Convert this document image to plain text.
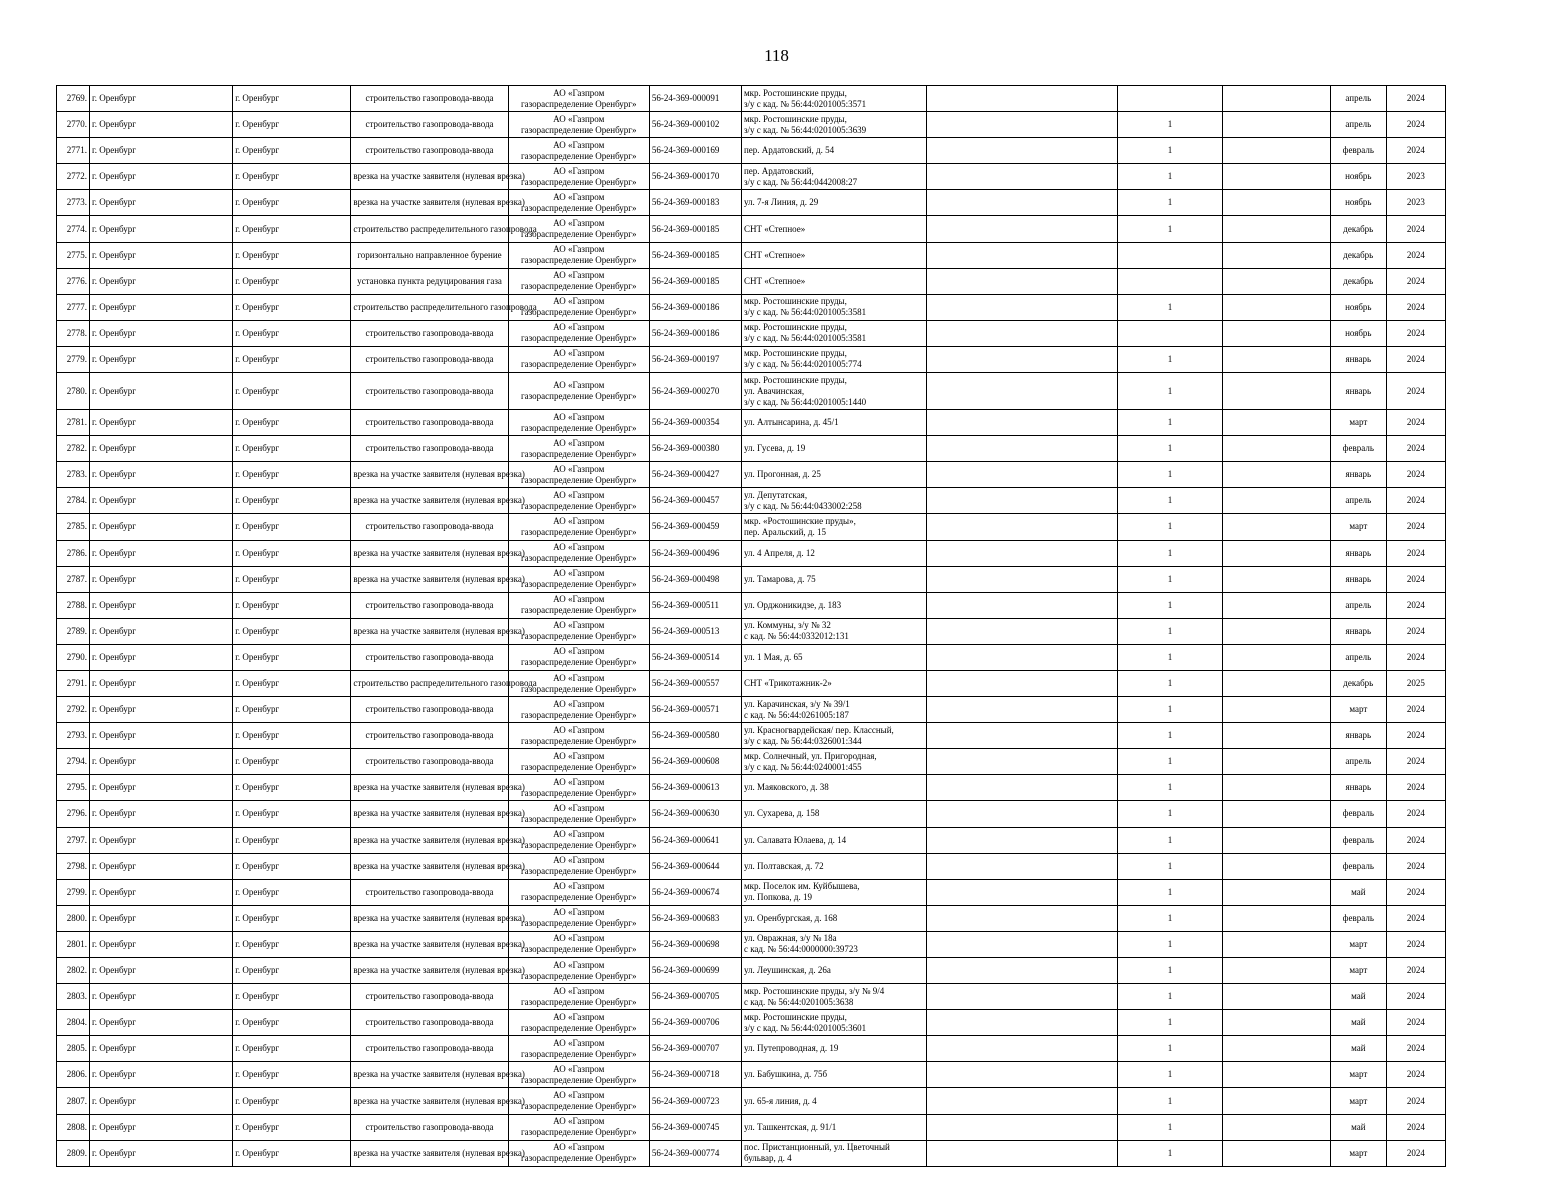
118
2769.	г. Оренбург	г. Оренбург	строительство газопровода-ввода	АО «Газпром
газораспределение Оренбург»	56-24-369-000091	мкр. Ростошинские пруды,
з/у с кад. № 56:44:0201005:3571				апрель	2024
2770.	г. Оренбург	г. Оренбург	строительство газопровода-ввода	АО «Газпром
газораспределение Оренбург»	56-24-369-000102	мкр. Ростошинские пруды,
з/у с кад. № 56:44:0201005:3639		1		апрель	2024
2771.	г. Оренбург	г. Оренбург	строительство газопровода-ввода	АО «Газпром
газораспределение Оренбург»	56-24-369-000169	пер. Ардатовский, д. 54		1		февраль	2024
2772.	г. Оренбург	г. Оренбург	врезка на участке заявителя (нулевая врезка)	АО «Газпром
газораспределение Оренбург»	56-24-369-000170	пер. Ардатовский,
з/у с кад. № 56:44:0442008:27		1		ноябрь	2023
2773.	г. Оренбург	г. Оренбург	врезка на участке заявителя (нулевая врезка)	АО «Газпром
газораспределение Оренбург»	56-24-369-000183	ул. 7-я Линия, д. 29		1		ноябрь	2023
2774.	г. Оренбург	г. Оренбург	строительство распределительного газопровода	АО «Газпром
газораспределение Оренбург»	56-24-369-000185	СНТ «Степное»		1		декабрь	2024
2775.	г. Оренбург	г. Оренбург	горизонтально направленное бурение	АО «Газпром
газораспределение Оренбург»	56-24-369-000185	СНТ «Степное»				декабрь	2024
2776.	г. Оренбург	г. Оренбург	установка пункта редуцирования газа	АО «Газпром
газораспределение Оренбург»	56-24-369-000185	СНТ «Степное»				декабрь	2024
2777.	г. Оренбург	г. Оренбург	строительство распределительного газопровода	АО «Газпром
газораспределение Оренбург»	56-24-369-000186	мкр. Ростошинские пруды,
з/у с кад. № 56:44:0201005:3581		1		ноябрь	2024
2778.	г. Оренбург	г. Оренбург	строительство газопровода-ввода	АО «Газпром
газораспределение Оренбург»	56-24-369-000186	мкр. Ростошинские пруды,
з/у с кад. № 56:44:0201005:3581				ноябрь	2024
2779.	г. Оренбург	г. Оренбург	строительство газопровода-ввода	АО «Газпром
газораспределение Оренбург»	56-24-369-000197	мкр. Ростошинские пруды,
з/у с кад. № 56:44:0201005:774		1		январь	2024
2780.	г. Оренбург	г. Оренбург	строительство газопровода-ввода	АО «Газпром
газораспределение Оренбург»	56-24-369-000270	мкр. Ростошинские пруды,
ул. Авачинская,
з/у с кад. № 56:44:0201005:1440		1		январь	2024
2781.	г. Оренбург	г. Оренбург	строительство газопровода-ввода	АО «Газпром
газораспределение Оренбург»	56-24-369-000354	ул. Алтынсарина, д. 45/1		1		март	2024
2782.	г. Оренбург	г. Оренбург	строительство газопровода-ввода	АО «Газпром
газораспределение Оренбург»	56-24-369-000380	ул. Гусева, д. 19		1		февраль	2024
2783.	г. Оренбург	г. Оренбург	врезка на участке заявителя (нулевая врезка)	АО «Газпром
газораспределение Оренбург»	56-24-369-000427	ул. Прогонная, д. 25		1		январь	2024
2784.	г. Оренбург	г. Оренбург	врезка на участке заявителя (нулевая врезка)	АО «Газпром
газораспределение Оренбург»	56-24-369-000457	ул. Депутатская,
з/у с кад. № 56:44:0433002:258		1		апрель	2024
2785.	г. Оренбург	г. Оренбург	строительство газопровода-ввода	АО «Газпром
газораспределение Оренбург»	56-24-369-000459	мкр. «Ростошинские пруды»,
пер. Аральский, д. 15		1		март	2024
2786.	г. Оренбург	г. Оренбург	врезка на участке заявителя (нулевая врезка)	АО «Газпром
газораспределение Оренбург»	56-24-369-000496	ул. 4 Апреля, д. 12		1		январь	2024
2787.	г. Оренбург	г. Оренбург	врезка на участке заявителя (нулевая врезка)	АО «Газпром
газораспределение Оренбург»	56-24-369-000498	ул. Тамарова, д. 75		1		январь	2024
2788.	г. Оренбург	г. Оренбург	строительство газопровода-ввода	АО «Газпром
газораспределение Оренбург»	56-24-369-000511	ул. Орджоникидзе, д. 183		1		апрель	2024
2789.	г. Оренбург	г. Оренбург	врезка на участке заявителя (нулевая врезка)	АО «Газпром
газораспределение Оренбург»	56-24-369-000513	ул. Коммуны, з/у № 32
с кад. № 56:44:0332012:131		1		январь	2024
2790.	г. Оренбург	г. Оренбург	строительство газопровода-ввода	АО «Газпром
газораспределение Оренбург»	56-24-369-000514	ул. 1 Мая, д. 65		1		апрель	2024
2791.	г. Оренбург	г. Оренбург	строительство распределительного газопровода	АО «Газпром
газораспределение Оренбург»	56-24-369-000557	СНТ «Трикотажник-2»		1		декабрь	2025
2792.	г. Оренбург	г. Оренбург	строительство газопровода-ввода	АО «Газпром
газораспределение Оренбург»	56-24-369-000571	ул. Карачинская, з/у № 39/1
с кад. № 56:44:0261005:187		1		март	2024
2793.	г. Оренбург	г. Оренбург	строительство газопровода-ввода	АО «Газпром
газораспределение Оренбург»	56-24-369-000580	ул. Красногвардейская/ пер. Классный,
з/у с кад. № 56:44:0326001:344		1		январь	2024
2794.	г. Оренбург	г. Оренбург	строительство газопровода-ввода	АО «Газпром
газораспределение Оренбург»	56-24-369-000608	мкр. Солнечный, ул. Пригородная,
з/у с кад. № 56:44:0240001:455		1		апрель	2024
2795.	г. Оренбург	г. Оренбург	врезка на участке заявителя (нулевая врезка)	АО «Газпром
газораспределение Оренбург»	56-24-369-000613	ул. Маяковского, д. 38		1		январь	2024
2796.	г. Оренбург	г. Оренбург	врезка на участке заявителя (нулевая врезка)	АО «Газпром
газораспределение Оренбург»	56-24-369-000630	ул. Сухарева, д. 158		1		февраль	2024
2797.	г. Оренбург	г. Оренбург	врезка на участке заявителя (нулевая врезка)	АО «Газпром
газораспределение Оренбург»	56-24-369-000641	ул. Салавата Юлаева, д. 14		1		февраль	2024
2798.	г. Оренбург	г. Оренбург	врезка на участке заявителя (нулевая врезка)	АО «Газпром
газораспределение Оренбург»	56-24-369-000644	ул. Полтавская, д. 72		1		февраль	2024
2799.	г. Оренбург	г. Оренбург	строительство газопровода-ввода	АО «Газпром
газораспределение Оренбург»	56-24-369-000674	мкр. Поселок им. Куйбышева,
ул. Попкова, д. 19		1		май	2024
2800.	г. Оренбург	г. Оренбург	врезка на участке заявителя (нулевая врезка)	АО «Газпром
газораспределение Оренбург»	56-24-369-000683	ул. Оренбургская, д. 168		1		февраль	2024
2801.	г. Оренбург	г. Оренбург	врезка на участке заявителя (нулевая врезка)	АО «Газпром
газораспределение Оренбург»	56-24-369-000698	ул. Овражная, з/у № 18а
с кад. № 56:44:0000000:39723		1		март	2024
2802.	г. Оренбург	г. Оренбург	врезка на участке заявителя (нулевая врезка)	АО «Газпром
газораспределение Оренбург»	56-24-369-000699	ул. Леушинская, д. 26а		1		март	2024
2803.	г. Оренбург	г. Оренбург	строительство газопровода-ввода	АО «Газпром
газораспределение Оренбург»	56-24-369-000705	мкр. Ростошинские пруды, з/у № 9/4
с кад. № 56:44:0201005:3638		1		май	2024
2804.	г. Оренбург	г. Оренбург	строительство газопровода-ввода	АО «Газпром
газораспределение Оренбург»	56-24-369-000706	мкр. Ростошинские пруды,
з/у с кад. № 56:44:0201005:3601		1		май	2024
2805.	г. Оренбург	г. Оренбург	строительство газопровода-ввода	АО «Газпром
газораспределение Оренбург»	56-24-369-000707	ул. Путепроводная, д. 19		1		май	2024
2806.	г. Оренбург	г. Оренбург	врезка на участке заявителя (нулевая врезка)	АО «Газпром
газораспределение Оренбург»	56-24-369-000718	ул. Бабушкина, д. 75б		1		март	2024
2807.	г. Оренбург	г. Оренбург	врезка на участке заявителя (нулевая врезка)	АО «Газпром
газораспределение Оренбург»	56-24-369-000723	ул. 65-я линия, д. 4		1		март	2024
2808.	г. Оренбург	г. Оренбург	строительство газопровода-ввода	АО «Газпром
газораспределение Оренбург»	56-24-369-000745	ул. Ташкентская, д. 91/1		1		май	2024
2809.	г. Оренбург	г. Оренбург	врезка на участке заявителя (нулевая врезка)	АО «Газпром
газораспределение Оренбург»	56-24-369-000774	пос. Пристанционный, ул. Цветочный
бульвар, д. 4		1		март	2024
